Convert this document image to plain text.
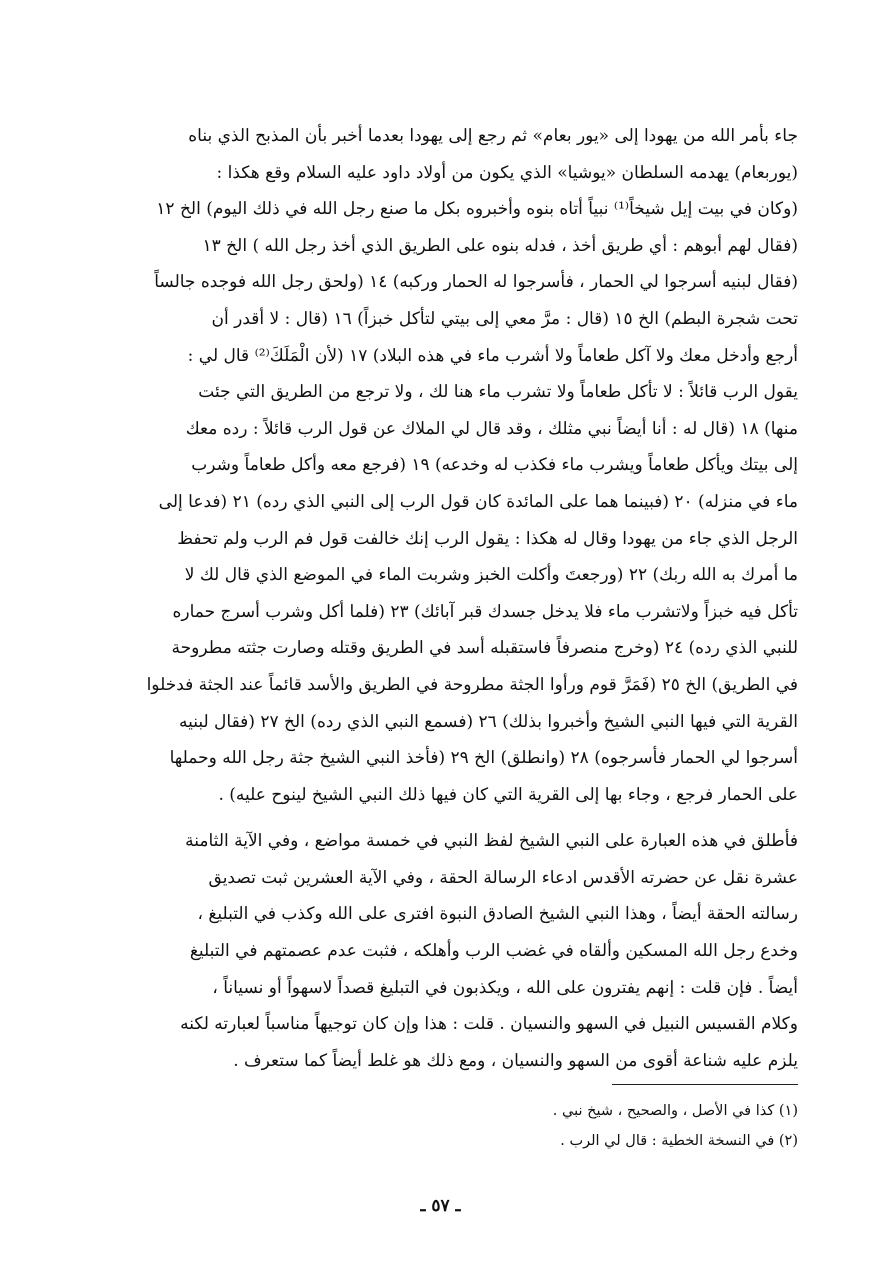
جاء بأمر الله من يهودا إلى «يور بعام» ثم رجع إلى يهودا بعدما أخبر بأن المذبح الذي بناه
(يوربعام) يهدمه السلطان «يوشيا» الذي يكون من أولاد داود عليه السلام وقع هكذا :
(وكان في بيت إيل شيخاً⁽¹⁾ نبياً أتاه بنوه وأخبروه بكل ما صنع رجل الله في ذلك اليوم) الخ ١٢
(فقال لهم أبوهم : أي طريق أخذ ، فدله بنوه على الطريق الذي أخذ رجل الله ) الخ ١٣
(فقال لبنيه أسرجوا لي الحمار ، فأسرجوا له الحمار وركبه) ١٤ (ولحق رجل الله فوجده جالساً
تحت شجرة البطم) الخ ١٥ (قال : مرَّ معي إلى بيتي لتأكل خبزاً) ١٦ (قال : لا أقدر أن
أرجع وأدخل معك ولا آكل طعاماً ولا أشرب ماء في هذه البلاد) ١٧ (لأن الْمَلَكَ⁽²⁾ قال لي :
يقول الرب قائلاً : لا تأكل طعاماً ولا تشرب ماء هنا لك ، ولا ترجع من الطريق التي جئت
منها) ١٨ (قال له : أنا أيضاً نبي مثلك ، وقد قال لي الملاك عن قول الرب قائلاً : رده معك
إلى بيتك ويأكل طعاماً ويشرب ماء فكذب له وخدعه) ١٩ (فرجع معه وأكل طعاماً وشرب
ماء في منزله) ٢٠ (فبينما هما على المائدة كان قول الرب إلى النبي الذي رده) ٢١ (فدعا إلى
الرجل الذي جاء من يهودا وقال له هكذا : يقول الرب إنك خالفت قول فم الرب ولم تحفظ
ما أمرك به الله ربك) ٢٢ (ورجعتَ وأكلت الخبز وشربت الماء في الموضع الذي قال لك لا
تأكل فيه خبزاً ولاتشرب ماء فلا يدخل جسدك قبر آبائك) ٢٣ (فلما أكل وشرب أسرج حماره
للنبي الذي رده) ٢٤ (وخرج منصرفاً فاستقبله أسد في الطريق وقتله وصارت جثته مطروحة
في الطريق) الخ ٢٥ (فَمَرَّ قوم ورأوا الجثة مطروحة في الطريق والأسد قائماً عند الجثة فدخلوا
القرية التي فيها النبي الشيخ وأخبروا بذلك) ٢٦ (فسمع النبي الذي رده) الخ ٢٧ (فقال لبنيه
أسرجوا لي الحمار فأسرجوه) ٢٨ (وانطلق) الخ ٢٩ (فأخذ النبي الشيخ جثة رجل الله وحملها
على الحمار فرجع ، وجاء بها إلى القرية التي كان فيها ذلك النبي الشيخ لينوح عليه) .
فأطلق في هذه العبارة على النبي الشيخ لفظ النبي في خمسة مواضع ، وفي الآية الثامنة
عشرة نقل عن حضرته الأقدس ادعاء الرسالة الحقة ، وفي الآية العشرين ثبت تصديق
رسالته الحقة أيضاً ، وهذا النبي الشيخ الصادق النبوة افترى على الله وكذب في التبليغ ،
وخدع رجل الله المسكين وألقاه في غضب الرب وأهلكه ، فثبت عدم عصمتهم في التبليغ
أيضاً . فإن قلت : إنهم يفترون على الله ، ويكذبون في التبليغ قصداً لاسهواً أو نسياناً ،
وكلام القسيس النبيل في السهو والنسيان . قلت : هذا وإن كان توجيهاً مناسباً لعبارته لكنه
يلزم عليه شناعة أقوى من السهو والنسيان ، ومع ذلك هو غلط أيضاً كما ستعرف .
(١) كذا في الأصل ، والصحيح ، شيخ نبي .
(٢) في النسخة الخطية : قال لي الرب .
ـ ٥٧ ـ
